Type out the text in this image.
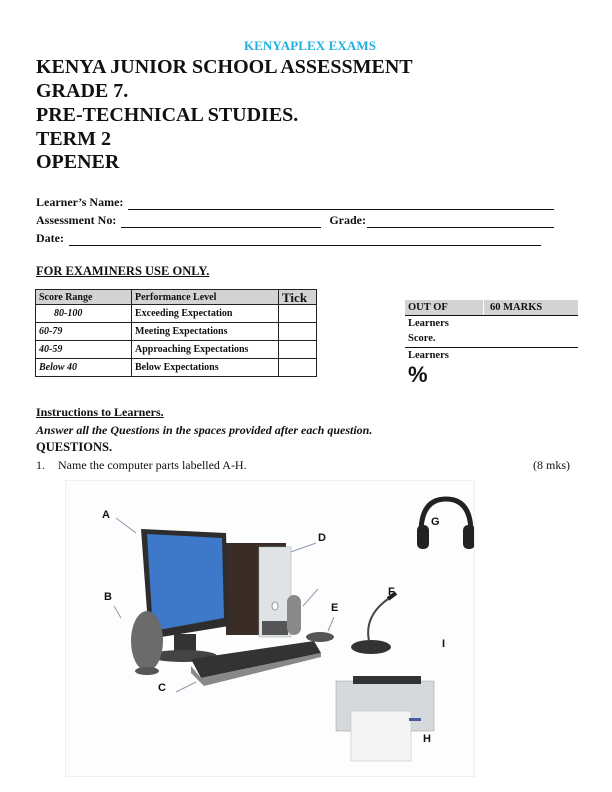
KENYAPLEX EXAMS
KENYA JUNIOR SCHOOL ASSESSMENT
GRADE 7.
PRE-TECHNICAL STUDIES.
TERM 2
OPENER
Learner’s Name:
Assessment No:	Grade:
Date:
FOR EXAMINERS USE ONLY.
Score Range	Performance Level	Tick
80-100	Exceeding Expectation	
60-79	Meeting Expectations	
40-59	Approaching Expectations	
Below 40	Below Expectations	
OUT OF	60 MARKS
Learners
Score.
Learners
%
Instructions to Learners.
Answer all the Questions in the spaces provided after each question.
QUESTIONS.
1.	Name the computer parts labelled A-H.	(8 mks)
A
B
C
D
E
F
G
H
I
